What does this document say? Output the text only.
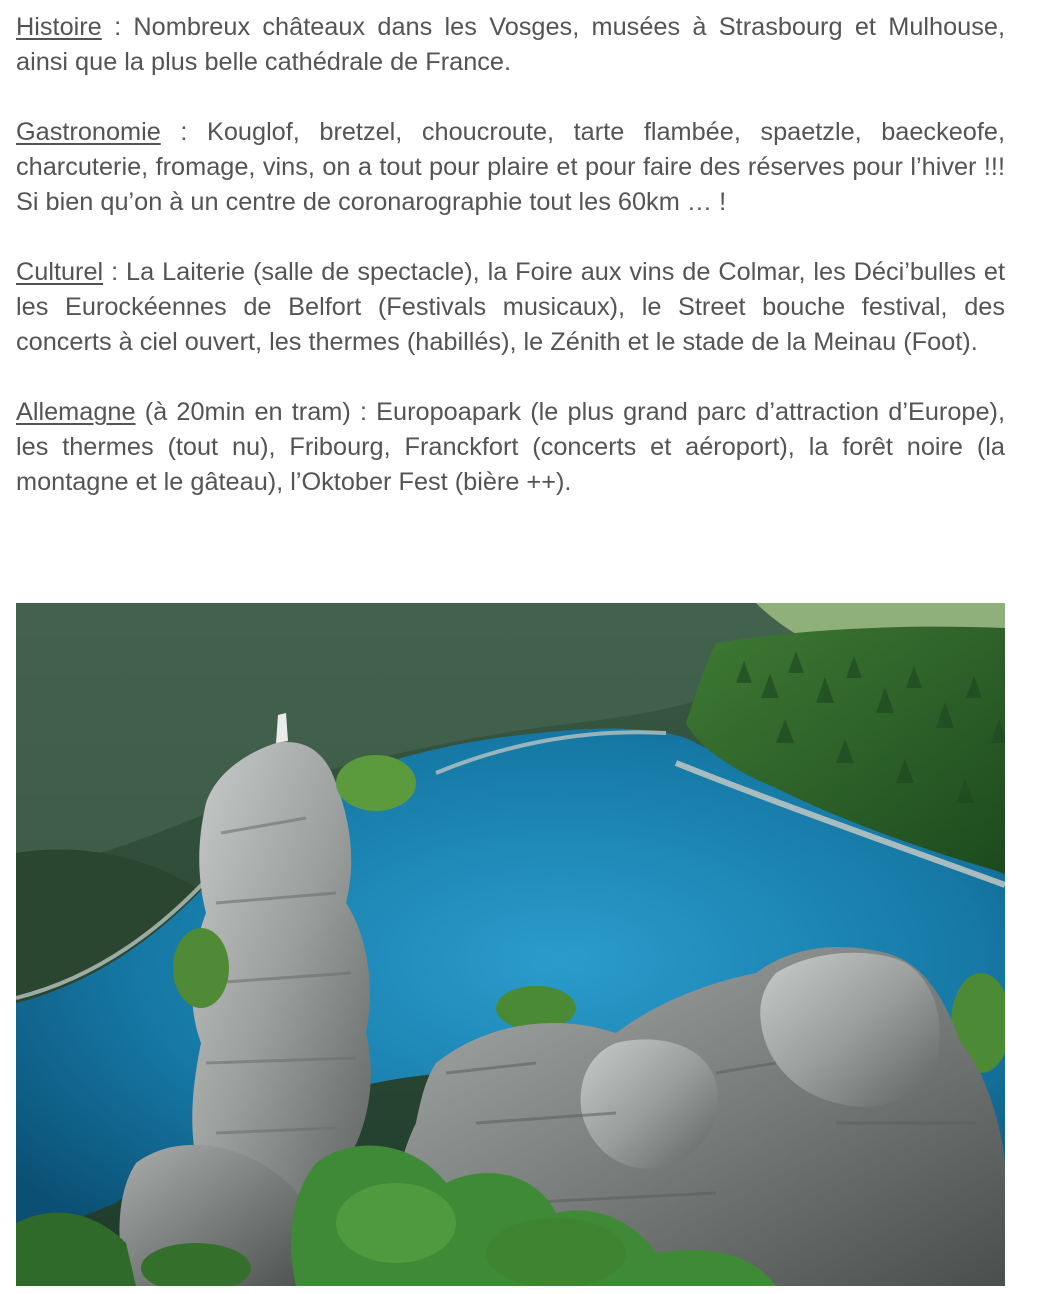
Histoire : Nombreux châteaux dans les Vosges, musées à Strasbourg et Mulhouse, ainsi que la plus belle cathédrale de France.

Gastronomie : Kouglof, bretzel, choucroute, tarte flambée, spaetzle, baeckeofe, charcuterie, fromage, vins, on a tout pour plaire et pour faire des réserves pour l’hiver !!! Si bien qu’on à un centre de coronarographie tout les 60km … !

Culturel : La Laiterie (salle de spectacle), la Foire aux vins de Colmar, les Déci’bulles et les Eurockéennes de Belfort (Festivals musicaux), le Street bouche festival, des concerts à ciel ouvert, les thermes (habillés), le Zénith et le stade de la Meinau (Foot).

Allemagne (à 20min en tram) : Europoapark (le plus grand parc d’attraction d’Europe), les thermes (tout nu), Fribourg, Franckfort (concerts et aéroport), la forêt noire (la montagne et le gâteau), l’Oktober Fest (bière ++).
